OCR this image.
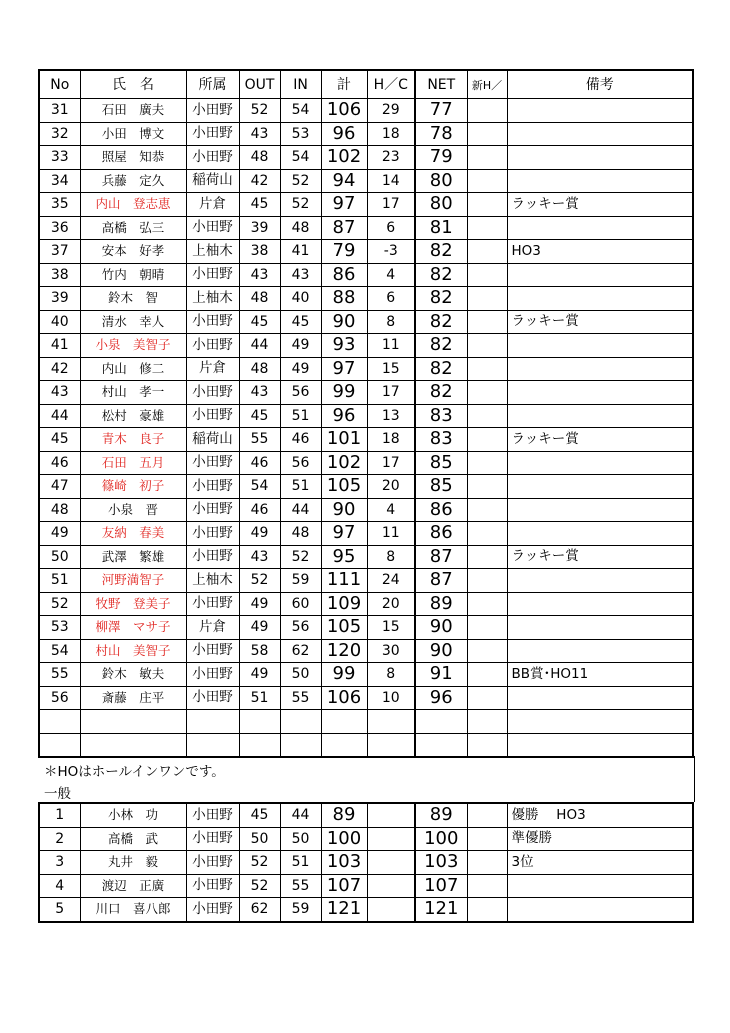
No	氏　名	所属	OUT	IN	計	H／C	NET	新H／	備考
31	石田　廣夫	小田野	52	54	106	29	77		
32	小田　博文	小田野	43	53	96	18	78		
33	照屋　知恭	小田野	48	54	102	23	79		
34	兵藤　定久	稲荷山	42	52	94	14	80		
35	内山　登志恵	片倉	45	52	97	17	80		ラッキー賞
36	高橋　弘三	小田野	39	48	87	6	81		
37	安本　好孝	上柚木	38	41	79	-3	82		HO3
38	竹内　朝晴	小田野	43	43	86	4	82		
39	鈴木　智	上柚木	48	40	88	6	82		
40	清水　幸人	小田野	45	45	90	8	82		ラッキー賞
41	小泉　美智子	小田野	44	49	93	11	82		
42	内山　修二	片倉	48	49	97	15	82		
43	村山　孝一	小田野	43	56	99	17	82		
44	松村　豪雄	小田野	45	51	96	13	83		
45	青木　良子	稲荷山	55	46	101	18	83		ラッキー賞
46	石田　五月	小田野	46	56	102	17	85		
47	篠崎　初子	小田野	54	51	105	20	85		
48	小泉　晋	小田野	46	44	90	4	86		
49	友納　春美	小田野	49	48	97	11	86		
50	武澤　繁雄	小田野	43	52	95	8	87		ラッキー賞
51	河野満智子	上柚木	52	59	111	24	87		
52	牧野　登美子	小田野	49	60	109	20	89		
53	柳澤　マサ子	片倉	49	56	105	15	90		
54	村山　美智子	小田野	58	62	120	30	90		
55	鈴木　敏夫	小田野	49	50	99	8	91		BB賞･HO11
56	斎藤　庄平	小田野	51	55	106	10	96		

＊HOはホールインワンです。
一般
1	小林　功	小田野	45	44	89		89		優勝　 HO3
2	高橋　武	小田野	50	50	100		100		準優勝
3	丸井　毅	小田野	52	51	103		103		3位
4	渡辺　正廣	小田野	52	55	107		107		
5	川口　喜八郎	小田野	62	59	121		121		
